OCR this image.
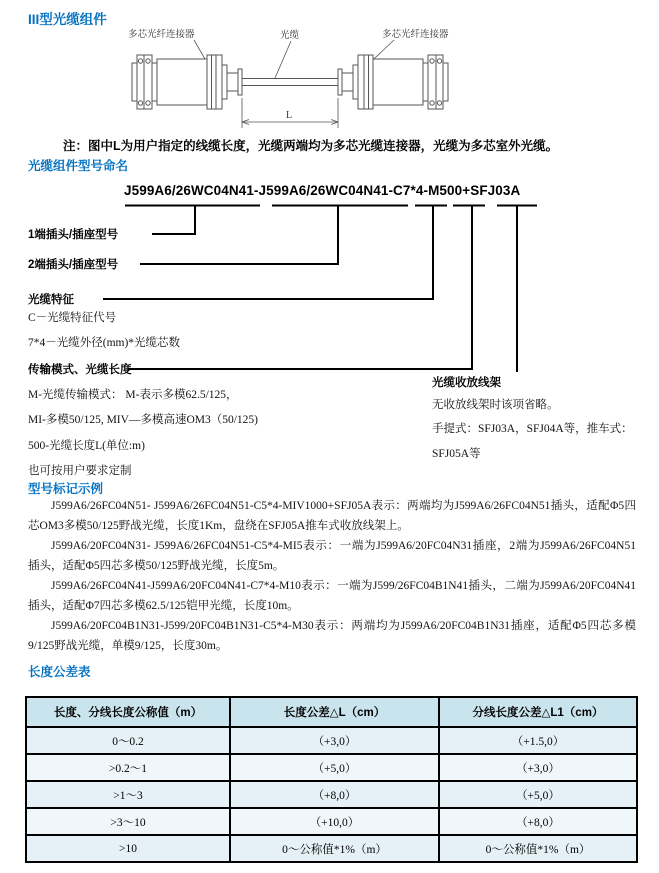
III型光缆组件
多芯光纤连接器	光缆	多芯光纤连接器
L
注：图中L为用户指定的线缆长度，光缆两端均为多芯光缆连接器，光缆为多芯室外光缆。
光缆组件型号命名
J599A6/26WC04N41-J599A6/26WC04N41-C7*4-M500+SFJ03A
1端插头/插座型号
2端插头/插座型号
光缆特征
C－光缆特征代号
7*4－光缆外径(mm)*光缆芯数
传输模式、光缆长度
M-光缆传输模式： M-表示多模62.5/125，
MI-多模50/125, MIV—多模高速OM3（50/125)
500-光缆长度L(单位:m)
也可按用户要求定制
光缆收放线架
无收放线架时该项省略。
手提式：SFJ03A，SFJ04A等，推车式：
SFJ05A等
型号标记示例

J599A6/26FC04N51- J599A6/26FC04N51-C5*4-MIV1000+SFJ05A表示：两端均为J599A6/26FC04N51插头，适配Φ5四芯OM3多模50/125野战光缆，长度1Km，盘绕在SFJ05A推车式收放线架上。

J599A6/20FC04N31- J599A6/26FC04N51-C5*4-MI5表示：一端为J599A6/20FC04N31插座，2端为J599A6/26FC04N51插头，适配Φ5四芯多模50/125野战光缆，长度5m。

J599A6/26FC04N41-J599A6/20FC04N41-C7*4-M10表示：一端为J599/26FC04B1N41插头，二端为J599A6/20FC04N41插头，适配Φ7四芯多模62.5/125铠甲光缆，长度10m。

J599A6/20FC04B1N31-J599/20FC04B1N31-C5*4-M30表示：两端均为J599A6/20FC04B1N31插座，适配Φ5四芯多模9/125野战光缆，单模9/125，长度30m。

长度公差表
长度、分线长度公称值（m）	长度公差△L（cm）	分线长度公差△L1（cm）
0～0.2	（+3,0）	（+1.5,0）
>0.2～1	（+5,0）	（+3,0）
>1～3	（+8,0）	（+5,0）
>3～10	（+10,0）	（+8,0）
>10	0～公称值*1%（m）	0～公称值*1%（m）
